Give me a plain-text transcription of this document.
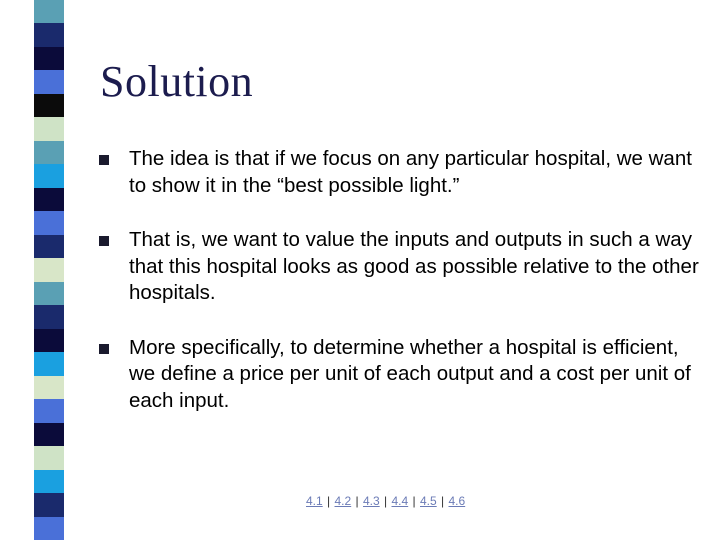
Solution
The idea is that if we focus on any particular hospital, we want to show it in the “best possible light.”
That is, we want to value the inputs and outputs in such a way that this hospital looks as good as possible relative to the other hospitals.
More specifically, to determine whether a hospital is efficient, we define a price per unit of each output and a cost per unit of each input.
4.1 | 4.2 | 4.3 | 4.4 | 4.5 | 4.6
